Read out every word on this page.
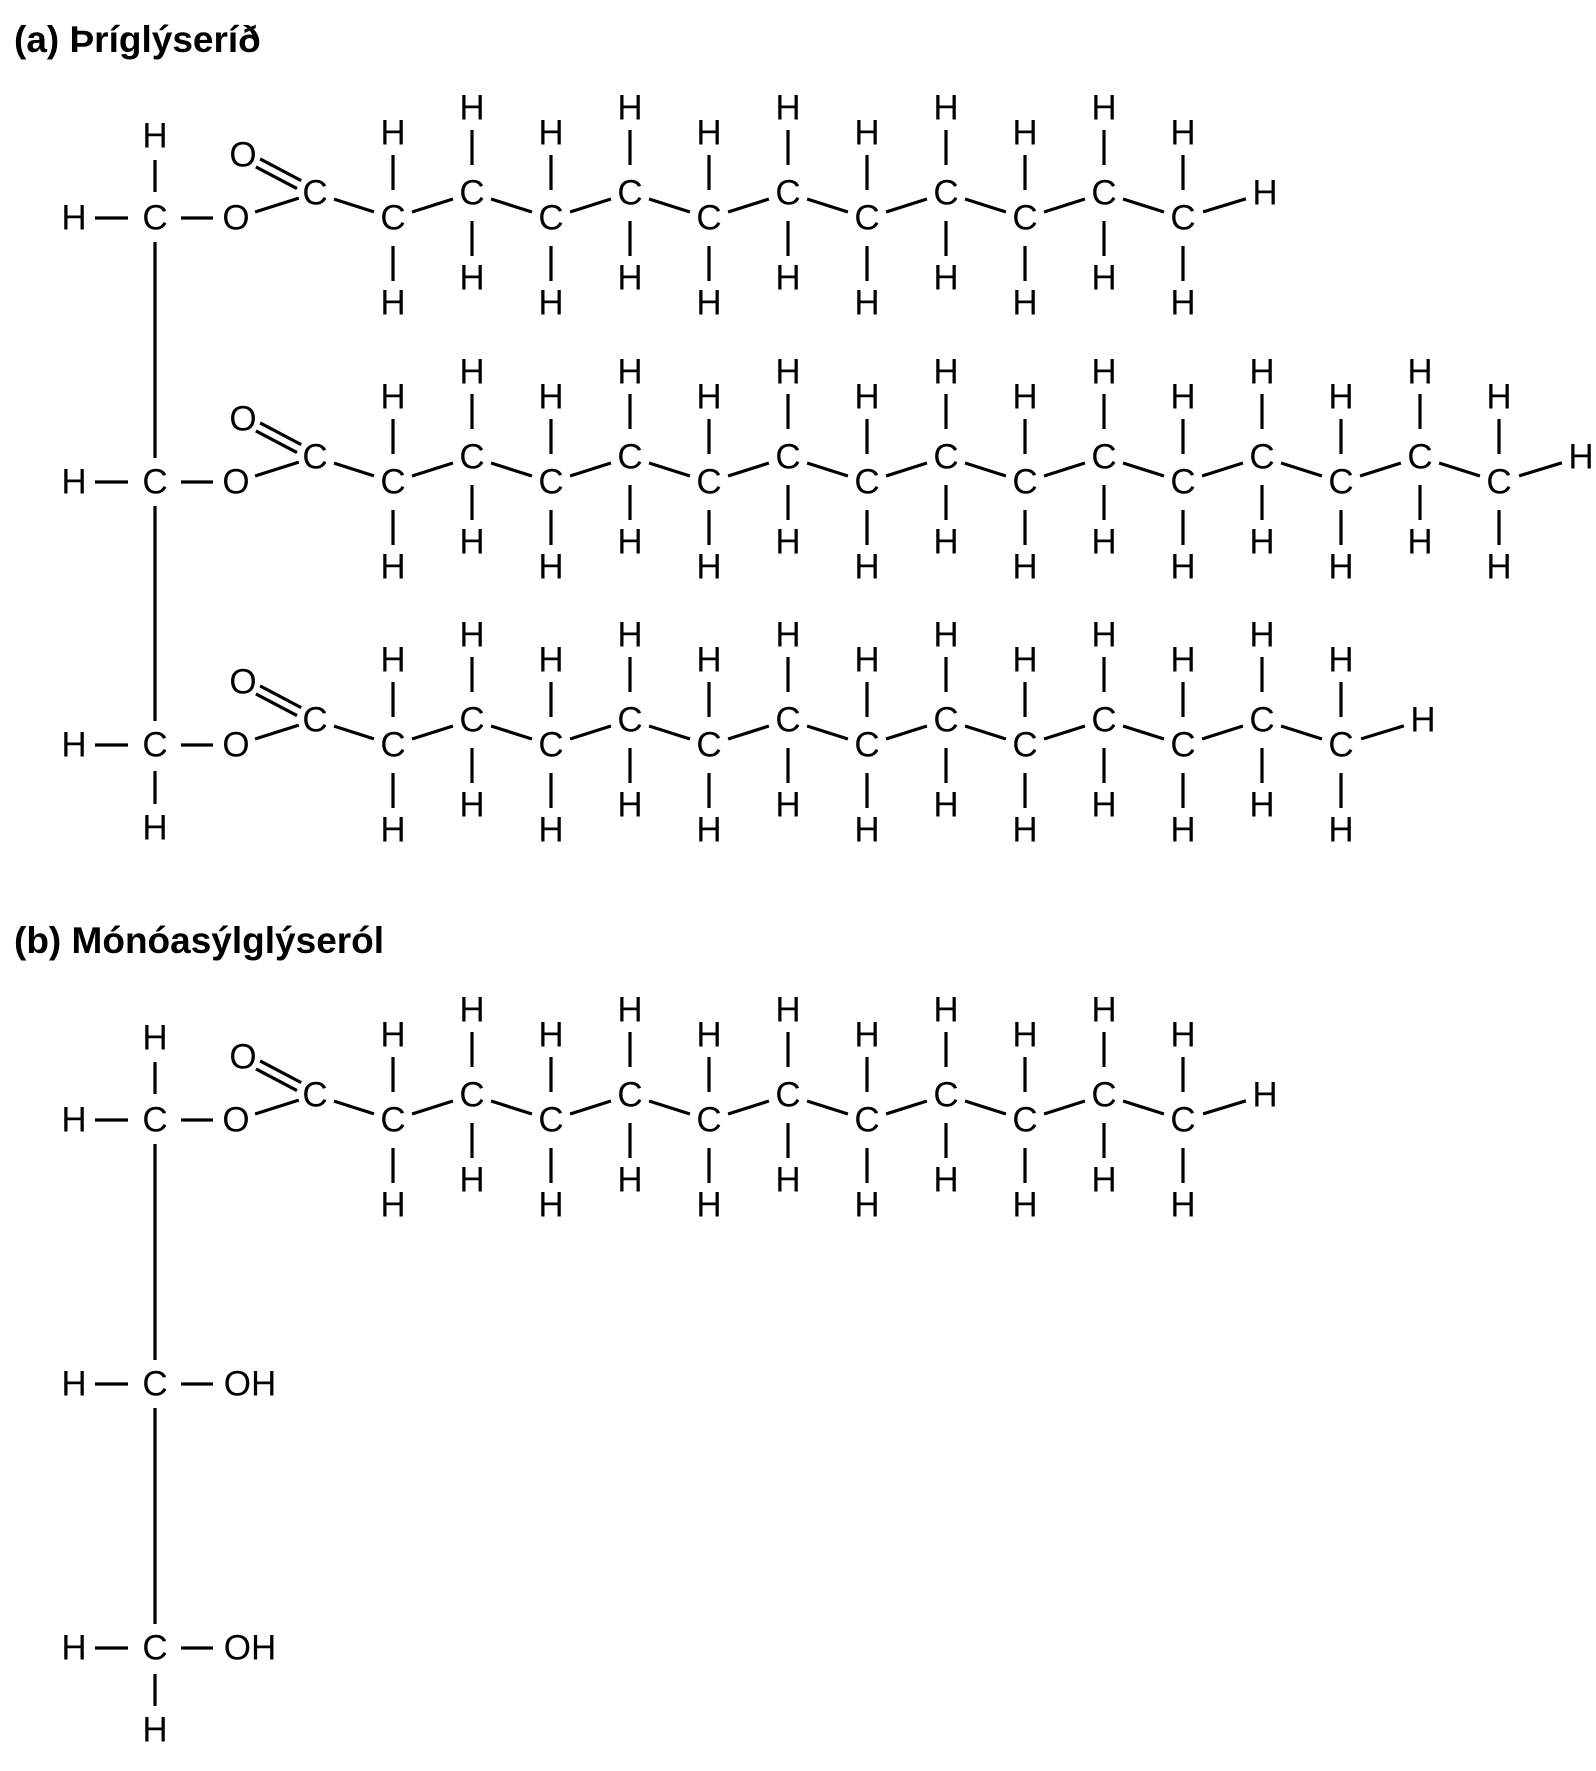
(a) Þríglýseríð
(b) Mónóasýlglýseról
C
H	O
C
O
C
H
H
C
H
H
C
H
H
C
H
H
C
H
H
C
H
H
C
H
H
C
H
H
C
H
H
C
H
H
C
H
H
H
C
H	O
C
O
C
H
H
C
H
H
C
H
H
C
H
H
C
H
H
C
H
H
C
H
H
C
H
H
C
H
H
C
H
H
C
H
H
C
H
H
C
H
H
C
H
H
C
H
H
H
C
H	O
C
O
C
H
H
C
H
H
C
H
H
C
H
H
C
H
H
C
H
H
C
H
H
C
H
H
C
H
H
C
H
H
C
H
H
C
H
H
C
H
H
H
H
H
C
H	O
C
O
C
H
H
C
H
H
C
H
H
C
H
H
C
H
H
C
H
H
C
H
H
C
H
H
C
H
H
C
H
H
C
H
H
H
C
H	OH
C
H	OH
H
H
